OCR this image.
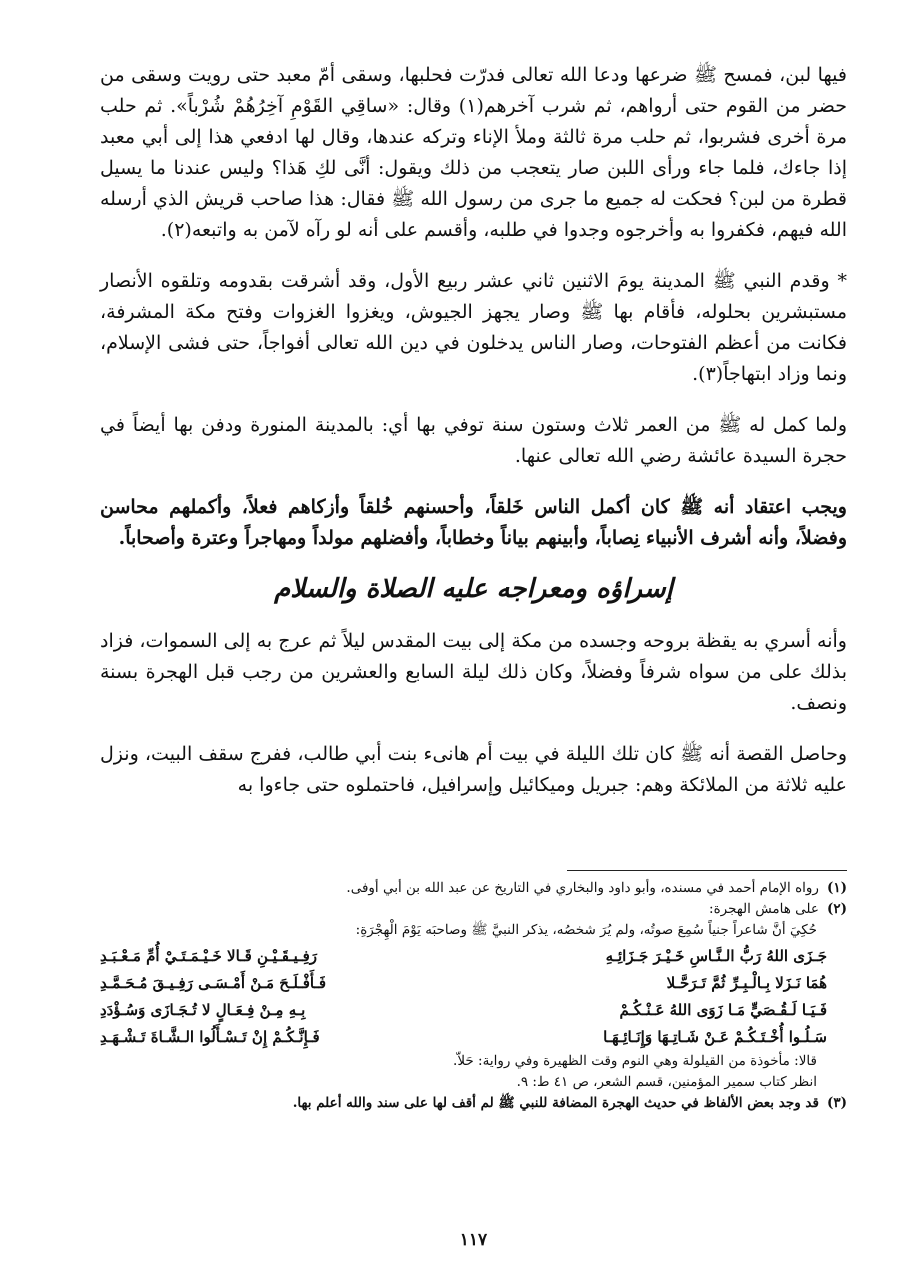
فيها لبن، فمسح ﷺ ضرعها ودعا الله تعالى فدرّت فحلبها، وسقى أمّ معبد حتى رويت وسقى من حضر من القوم حتى أرواهم، ثم شرب آخرهم(١) وقال: «ساقِي القَوْمِ آخِرُهُمْ شُرْباً». ثم حلب مرة أخرى فشربوا، ثم حلب مرة ثالثة وملأ الإناء وتركه عندها، وقال لها ادفعي هذا إلى أبي معبد إذا جاءك، فلما جاء ورأى اللبن صار يتعجب من ذلك ويقول: أنَّى لكِ هَذا؟ وليس عندنا ما يسيل قطرة من لبن؟ فحكت له جميع ما جرى من رسول الله ﷺ فقال: هذا صاحب قريش الذي أرسله الله فيهم، فكفروا به وأخرجوه وجدوا في طلبه، وأقسم على أنه لو رآه لآمن به واتبعه(٢).

* وقدم النبي ﷺ المدينة يومَ الاثنين ثاني عشر ربيع الأول، وقد أشرقت بقدومه وتلقوه الأنصار مستبشرين بحلوله، فأقام بها ﷺ وصار يجهز الجيوش، ويغزوا الغزوات وفتح مكة المشرفة، فكانت من أعظم الفتوحات، وصار الناس يدخلون في دين الله تعالى أفواجاً، حتى فشى الإسلام، ونما وزاد ابتهاجاً(٣).

ولما كمل له ﷺ من العمر ثلاث وستون سنة توفي بها أي: بالمدينة المنورة ودفن بها أيضاً في حجرة السيدة عائشة رضي الله تعالى عنها.

ويجب اعتقاد أنه ﷺ كان أكمل الناس خَلقاً، وأحسنهم خُلقاً وأزكاهم فعلاً، وأكملهم محاسن وفضلاً، وأنه أشرف الأنبياء نِصاباً، وأبينهم بياناً وخطاباً، وأفضلهم مولداً ومهاجراً وعترة وأصحاباً.

إسراؤه ومعراجه عليه الصلاة والسلام

وأنه أسري به يقظة بروحه وجسده من مكة إلى بيت المقدس ليلاً ثم عرج به إلى السموات، فزاد بذلك على من سواه شرفاً وفضلاً، وكان ذلك ليلة السابع والعشرين من رجب قبل الهجرة بسنة ونصف.

وحاصل القصة أنه ﷺ كان تلك الليلة في بيت أم هانىء بنت أبي طالب، ففرج سقف البيت، ونزل عليه ثلاثة من الملائكة وهم: جبريل وميكائيل وإسرافيل، فاحتملوه حتى جاءوا به

(١)
رواه الإمام أحمد في مسنده، وأبو داود والبخاري في التاريخ عن عبد الله بن أبي أوفى.
(٢)
على هامش الهجرة:
حُكِيَ أنَّ شاعراً جنياً سُمِعَ صوتُه، ولم يُرَ شخصُه، يذكر النبيَّ ﷺ وصاحبَه يَوْمَ الْهِجْرَةِ:
جَـزَى اللهُ رَبُّ الـنَّـاسِ خَـيْـرَ جَـزَائِـهِ
رَفِـيـقَـيْـنِ قَـالا خَـيْـمَـتَـيْ أُمِّ مَـعْـبَـدِ
هُمَا نَـزَلا بِـالْـبِـرِّ ثُمَّ تَـرَحَّـلا
فَـأَفْـلَـحَ مَـنْ أَمْـسَـى رَفِـيـقَ مُـحَـمَّـدِ
فَـيَـا لَـقُـصَيٍّ مَـا زَوَى اللهُ عَـنْـكُـمْ
بِـهِ مِـنْ فِـعَـالٍ لا تُـجَـازَى وَسُـؤْدَدِ
سَـلُـوا أُخْـتَـكُـمْ عَـنْ شَـاتِـهَا وَإِنَـائِـهَـا
فَـإِنَّـكُـمْ إِنْ تَـسْـأَلُوا الـشَّـاةَ تَـشْـهَـدِ
قالا: مأخوذة من القيلولة وهي النوم وقت الظهيرة وفي رواية: حَلاّ.
انظر كتاب سمير المؤمنين، قسم الشعر، ص ٤١ ط: ٩.
(٣)
قد وجد بعض الألفاظ في حديث الهجرة المضافة للنبي ﷺ لم أقف لها على سند والله أعلم بها.
١١٧
